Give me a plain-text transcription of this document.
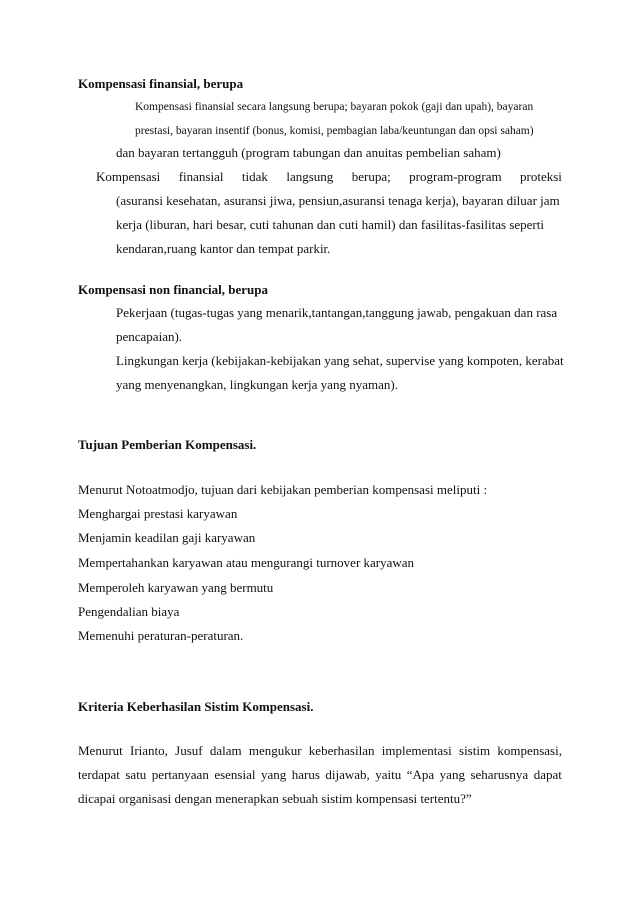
Kompensasi finansial, berupa
Kompensasi finansial secara langsung berupa; bayaran pokok (gaji dan upah), bayaran
prestasi, bayaran insentif (bonus, komisi, pembagian laba/keuntungan dan opsi saham)
dan bayaran tertangguh (program tabungan dan anuitas pembelian saham)
Kompensasi finansial tidak langsung berupa; program-program proteksi
(asuransi kesehatan, asuransi jiwa, pensiun,asuransi tenaga kerja), bayaran diluar jam
kerja (liburan, hari besar, cuti tahunan dan cuti hamil) dan fasilitas-fasilitas seperti
kendaran,ruang kantor dan tempat parkir.
Kompensasi non financial, berupa
Pekerjaan (tugas-tugas yang menarik,tantangan,tanggung jawab, pengakuan dan rasa
pencapaian).
Lingkungan kerja (kebijakan-kebijakan yang sehat, supervise yang kompoten, kerabat
yang menyenangkan, lingkungan kerja yang nyaman).
Tujuan Pemberian Kompensasi.
Menurut Notoatmodjo, tujuan dari kebijakan pemberian kompensasi meliputi :
Menghargai prestasi karyawan
Menjamin keadilan gaji karyawan
Mempertahankan karyawan atau mengurangi turnover karyawan
Memperoleh karyawan yang bermutu
Pengendalian biaya
Memenuhi peraturan-peraturan.
Kriteria Keberhasilan Sistim Kompensasi.
Menurut Irianto, Jusuf dalam mengukur keberhasilan implementasi sistim kompensasi,
terdapat satu pertanyaan esensial yang harus dijawab, yaitu “Apa yang seharusnya dapat
dicapai organisasi dengan menerapkan sebuah sistim kompensasi tertentu?”
